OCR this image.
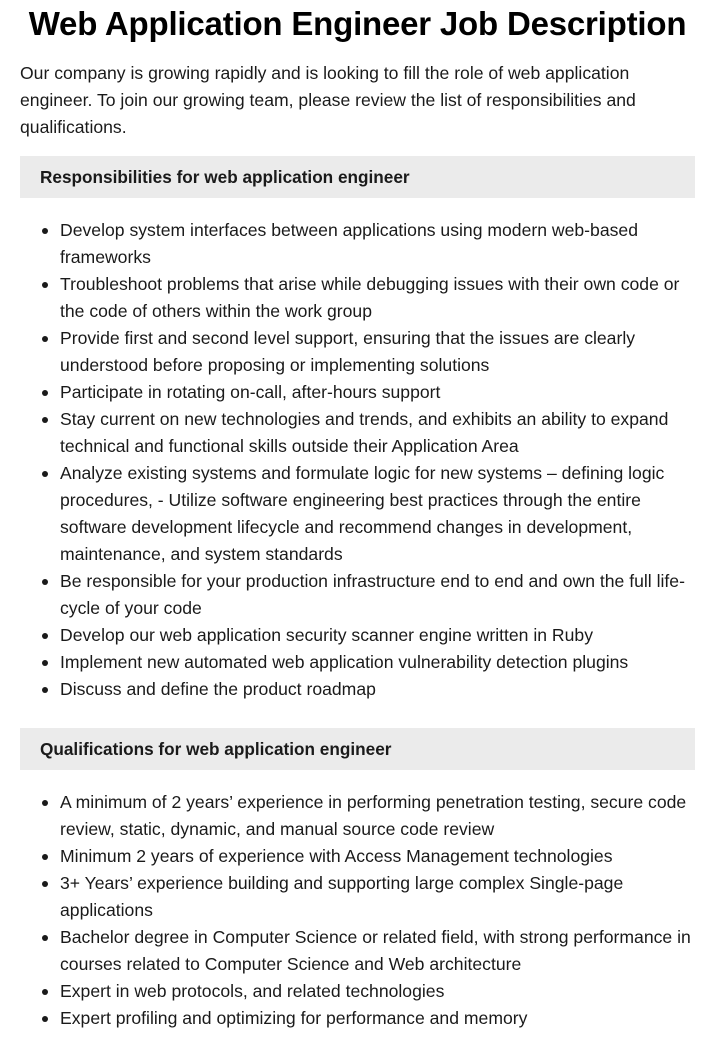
Web Application Engineer Job Description

Our company is growing rapidly and is looking to fill the role of web application engineer. To join our growing team, please review the list of responsibilities and qualifications.

Responsibilities for web application engineer
Develop system interfaces between applications using modern web-based frameworks
Troubleshoot problems that arise while debugging issues with their own code or the code of others within the work group
Provide first and second level support, ensuring that the issues are clearly understood before proposing or implementing solutions
Participate in rotating on-call, after-hours support
Stay current on new technologies and trends, and exhibits an ability to expand technical and functional skills outside their Application Area
Analyze existing systems and formulate logic for new systems – defining logic procedures, - Utilize software engineering best practices through the entire software development lifecycle and recommend changes in development, maintenance, and system standards
Be responsible for your production infrastructure end to end and own the full life-cycle of your code
Develop our web application security scanner engine written in Ruby
Implement new automated web application vulnerability detection plugins
Discuss and define the product roadmap
Qualifications for web application engineer
A minimum of 2 years’ experience in performing penetration testing, secure code review, static, dynamic, and manual source code review
Minimum 2 years of experience with Access Management technologies
3+ Years’ experience building and supporting large complex Single-page applications
Bachelor degree in Computer Science or related field, with strong performance in courses related to Computer Science and Web architecture
Expert in web protocols, and related technologies
Expert profiling and optimizing for performance and memory
